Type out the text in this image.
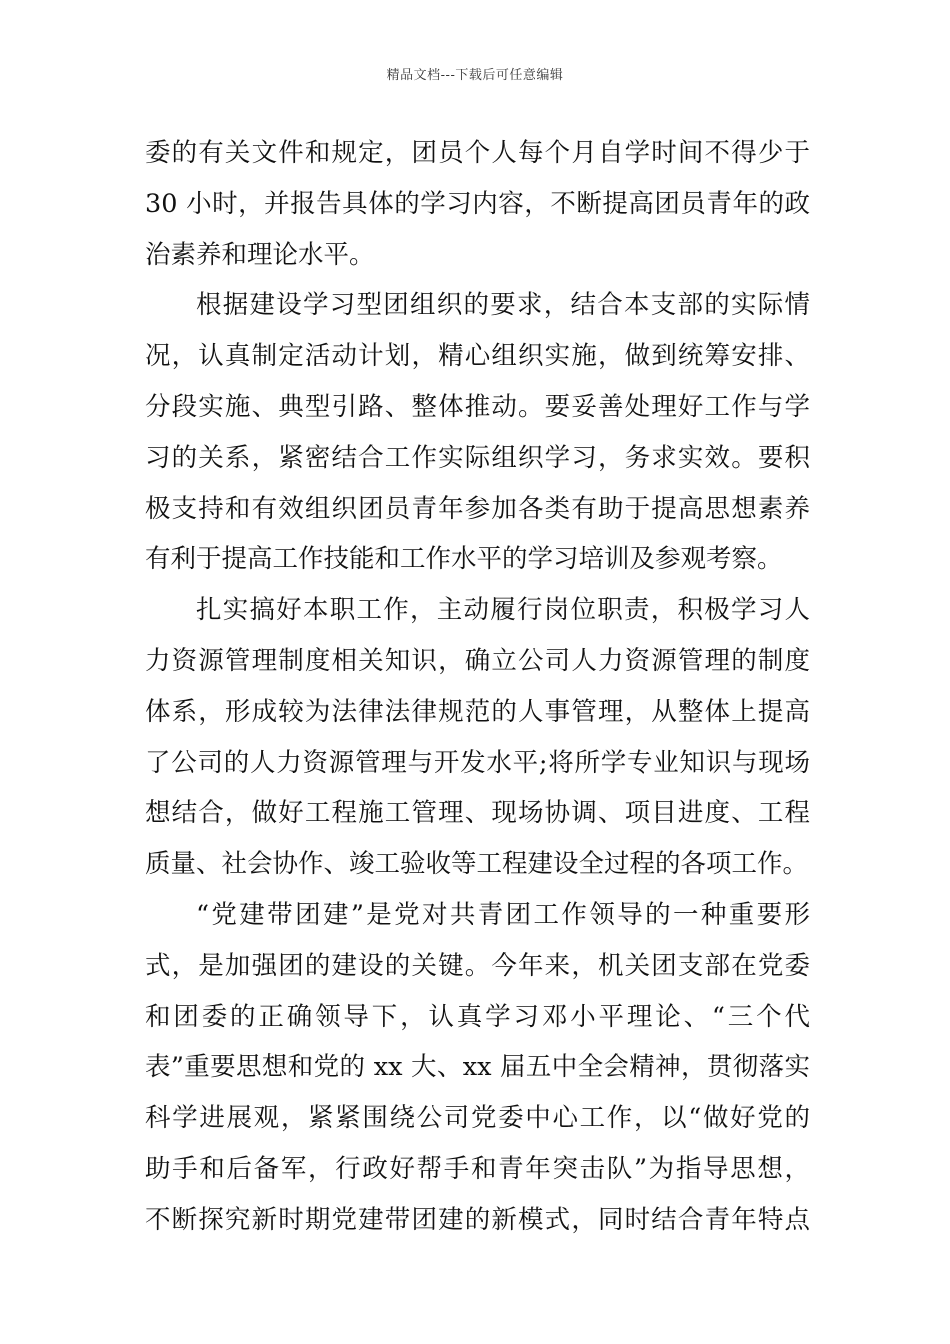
精品文档---下载后可任意编辑
委的有关文件和规定，团员个人每个月自学时间不得少于
30 小时，并报告具体的学习内容，不断提高团员青年的政
治素养和理论水平。
根据建设学习型团组织的要求，结合本支部的实际情
况，认真制定活动计划，精心组织实施，做到统筹安排、
分段实施、典型引路、整体推动。要妥善处理好工作与学
习的关系，紧密结合工作实际组织学习，务求实效。要积
极支持和有效组织团员青年参加各类有助于提高思想素养
有利于提高工作技能和工作水平的学习培训及参观考察。
扎实搞好本职工作，主动履行岗位职责，积极学习人
力资源管理制度相关知识，确立公司人力资源管理的制度
体系，形成较为法律法律规范的人事管理，从整体上提高
了公司的人力资源管理与开发水平;将所学专业知识与现场
想结合，做好工程施工管理、现场协调、项目进度、工程
质量、社会协作、竣工验收等工程建设全过程的各项工作。
“党建带团建”是党对共青团工作领导的一种重要形
式，是加强团的建设的关键。今年来，机关团支部在党委
和团委的正确领导下，认真学习邓小平理论、“三个代
表”重要思想和党的 xx 大、xx 届五中全会精神，贯彻落实
科学进展观，紧紧围绕公司党委中心工作，以“做好党的
助手和后备军，行政好帮手和青年突击队”为指导思想，
不断探究新时期党建带团建的新模式，同时结合青年特点
